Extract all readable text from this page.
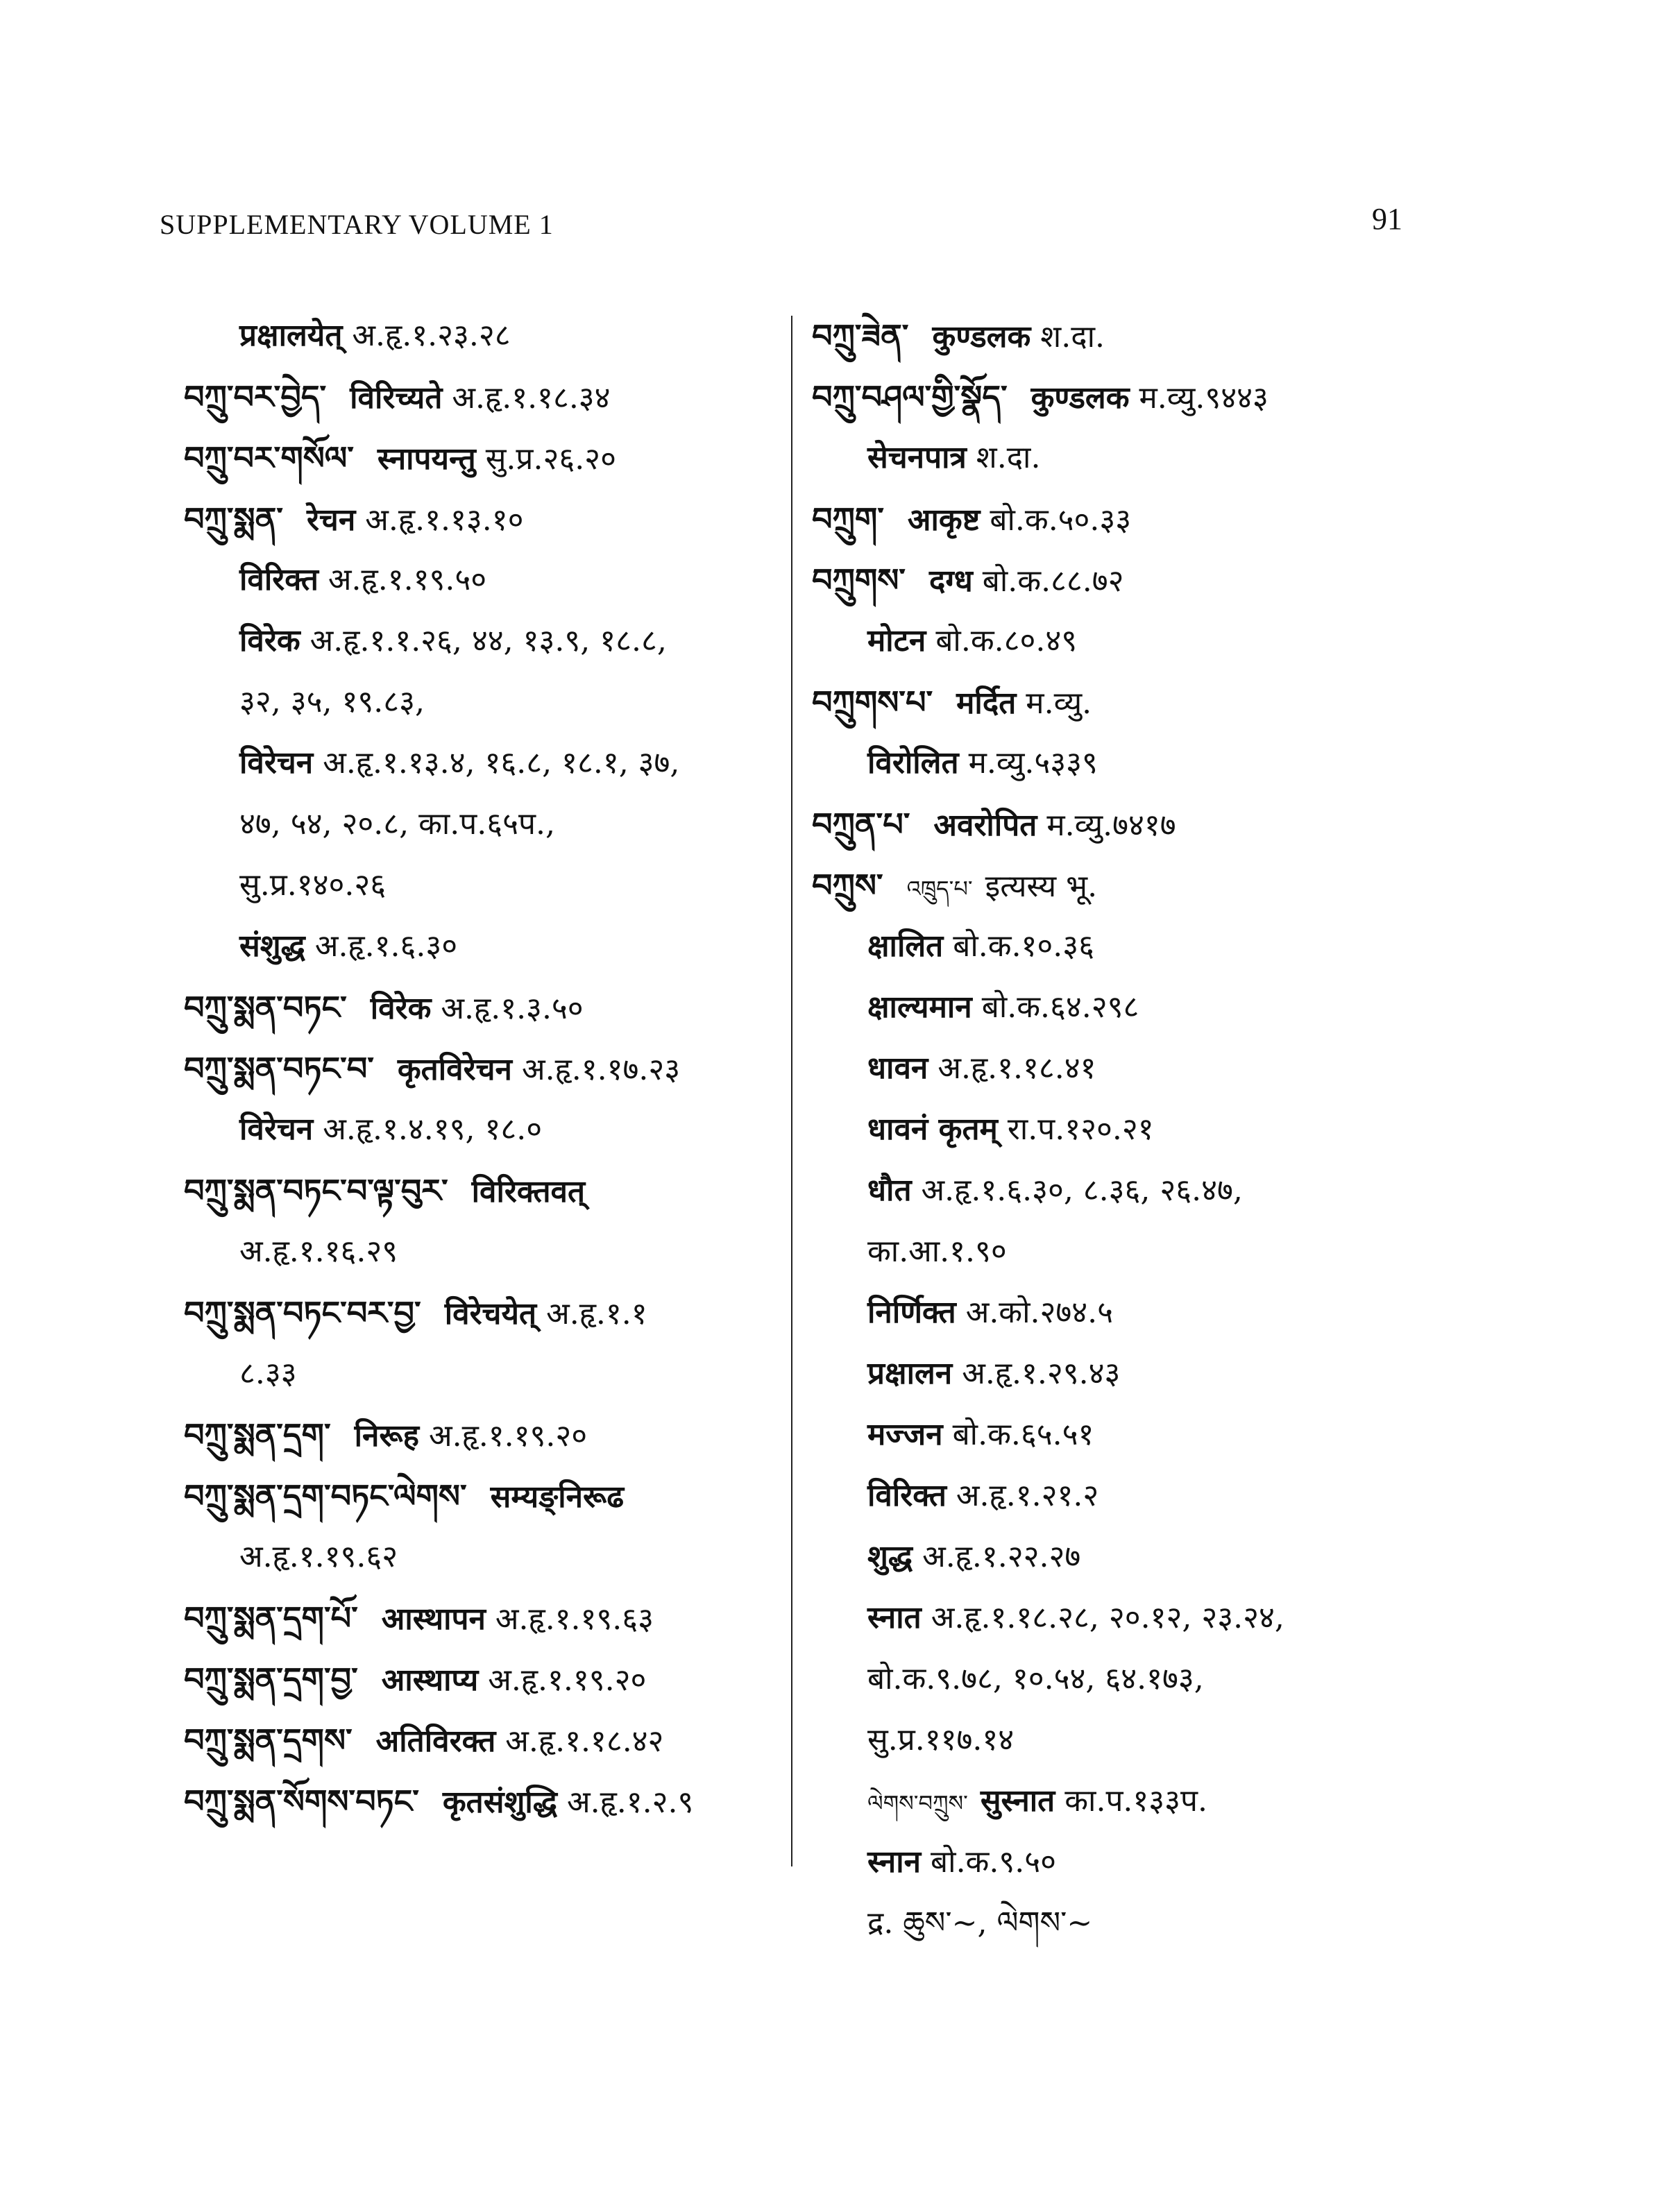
SUPPLEMENTARY VOLUME 1	91
प्रक्षालयेत् अ.हृ.१.२३.२८
བཀྲུ་བར་བྱེད་ विरिच्यते अ.हृ.१.१८.३४
བཀྲུ་བར་གསོལ་ स्नापयन्तु सु.प्र.२६.२०
བཀྲུ་སྨན་ रेचन अ.हृ.१.१३.१०
विरिक्त अ.हृ.१.१९.५०
विरेक अ.हृ.१.१.२६, ४४, १३.९, १८.८,
३२, ३५, १९.८३,
विरेचन अ.हृ.१.१३.४, १६.८, १८.१, ३७,
४७, ५४, २०.८, का.प.६५प.,
सु.प्र.१४०.२६
संशुद्ध अ.हृ.१.६.३०
བཀྲུ་སྨན་བཏང་ विरेक अ.हृ.१.३.५०
བཀྲུ་སྨན་བཏང་བ་ कृतविरेचन अ.हृ.१.१७.२३
विरेचन अ.हृ.१.४.१९, १८.०
བཀྲུ་སྨན་བཏང་བ་ལྟ་བུར་ विरिक्तवत्
अ.हृ.१.१६.२९
བཀྲུ་སྨན་བཏང་བར་བྱ་ विरेचयेत् अ.हृ.१.१
८.३३
བཀྲུ་སྨན་དྲག་ निरूह अ.हृ.१.१९.२०
བཀྲུ་སྨན་དྲག་བཏང་ལེགས་ सम्यङ्निरूढ
अ.हृ.१.१९.६२
བཀྲུ་སྨན་དྲག་པོ་ आस्थापन अ.हृ.१.१९.६३
བཀྲུ་སྨན་དྲག་བྱ་ आस्थाप्य अ.हृ.१.१९.२०
བཀྲུ་སྨན་དྲགས་ अतिविरक्त अ.हृ.१.१८.४२
བཀྲུ་སྨན་སོགས་བཏང་ कृतसंशुद्धि अ.हृ.१.२.९
བཀྲུ་ཟེན་ कुण्डलक श.दा.
བཀྲུ་བཤལ་གྱི་སྣོད་ कुण्डलक म.व्यु.९४४३
सेचनपात्र श.दा.
བཀྲུག་ आकृष्ट बो.क.५०.३३
བཀྲུགས་ दग्ध बो.क.८८.७२
मोटन बो.क.८०.४९
བཀྲུགས་པ་ मर्दित म.व्यु.
विरोलित म.व्यु.५३३९
བཀྲུན་པ་ अवरोपित म.व्यु.७४१७
བཀྲུས་ འཁྲུད་པ་ इत्यस्य भू.
क्षालित बो.क.१०.३६
क्षाल्यमान बो.क.६४.२९८
धावन अ.हृ.१.१८.४१
धावनं कृतम् रा.प.१२०.२१
धौत अ.हृ.१.६.३०, ८.३६, २६.४७,
का.आ.१.९०
निर्णिक्त अ.को.२७४.५
प्रक्षालन अ.हृ.१.२९.४३
मज्जन बो.क.६५.५१
विरिक्त अ.हृ.१.२१.२
शुद्ध अ.हृ.१.२२.२७
स्नात अ.हृ.१.१८.२८, २०.१२, २३.२४,
बो.क.९.७८, १०.५४, ६४.१७३,
सु.प्र.११७.१४
ལེགས་བཀྲུས་ सुस्नात का.प.१३३प.
स्नान बो.क.९.५०
द्र. ཆུས་~, ལེགས་~
